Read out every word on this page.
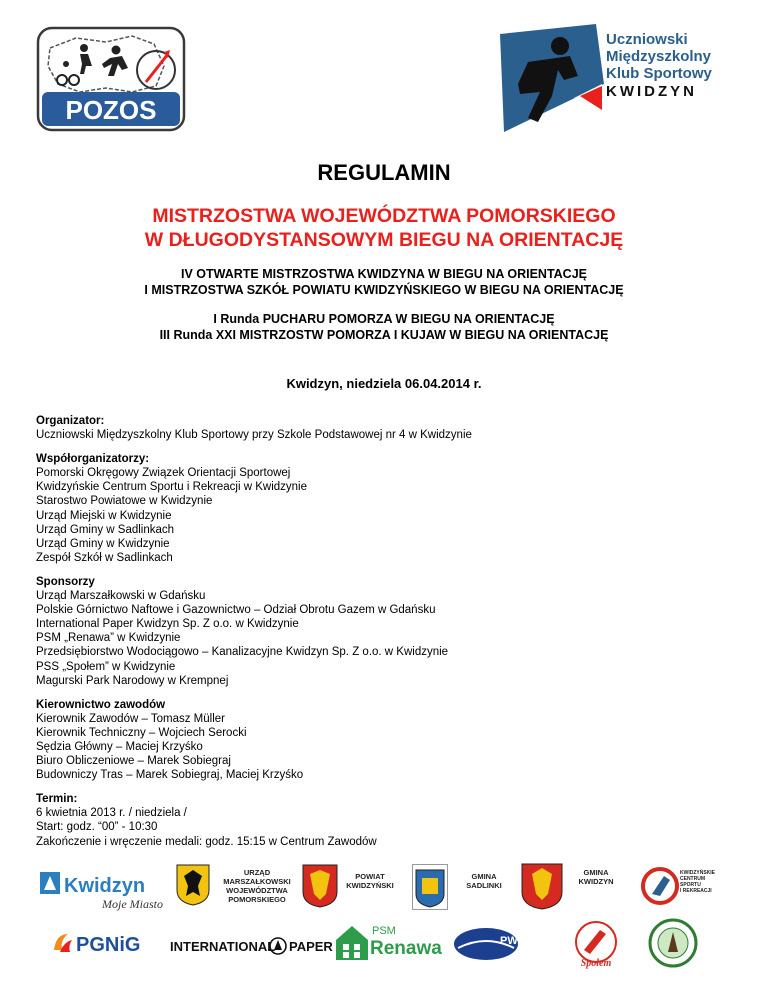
POZOS
Uczniowski
Międzyszkolny
Klub Sportowy
KWIDZYN
REGULAMIN
MISTRZOSTWA WOJEWÓDZTWA POMORSKIEGO
W DŁUGODYSTANSOWYM BIEGU NA ORIENTACJĘ
IV OTWARTE MISTRZOSTWA KWIDZYNA W BIEGU NA ORIENTACJĘ
I MISTRZOSTWA SZKÓŁ POWIATU KWIDZYŃSKIEGO W BIEGU NA ORIENTACJĘ
I Runda PUCHARU POMORZA W BIEGU NA ORIENTACJĘ
III Runda XXI MISTRZOSTW POMORZA I KUJAW W BIEGU NA ORIENTACJĘ
Kwidzyn, niedziela 06.04.2014 r.
Organizator:
Uczniowski Międzyszkolny Klub Sportowy przy Szkole Podstawowej nr 4 w Kwidzynie
Współorganizatorzy:
Pomorski Okręgowy Związek Orientacji Sportowej
Kwidzyńskie Centrum Sportu i Rekreacji w Kwidzynie
Starostwo Powiatowe w Kwidzynie
Urząd Miejski w Kwidzynie
Urząd Gminy w Sadlinkach
Urząd Gminy w Kwidzynie
Zespół Szkół w Sadlinkach
Sponsorzy
Urząd Marszałkowski w Gdańsku
Polskie Górnictwo Naftowe i Gazownictwo – Odział Obrotu Gazem w Gdańsku
International Paper Kwidzyn Sp. Z o.o. w Kwidzynie
PSM „Renawa” w Kwidzynie
Przedsiębiorstwo Wodociągowo – Kanalizacyjne Kwidzyn Sp. Z o.o. w Kwidzynie
PSS „Społem” w Kwidzynie
Magurski Park Narodowy w Krempnej
Kierownictwo zawodów
Kierownik Zawodów – Tomasz Müller
Kierownik Techniczny – Wojciech Serocki
Sędzia Główny – Maciej Krzyśko
Biuro Obliczeniowe – Marek Sobiegraj
Budowniczy Tras – Marek Sobiegraj, Maciej Krzyśko
Termin:
6 kwietnia 2013 r. / niedziela /
Start: godz. “00” - 10:30
Zakończenie i wręczenie medali: godz. 15:15 w Centrum Zawodów
Kwidzyn
Moje Miasto
URZĄD
MARSZAŁKOWSKI
WOJEWÓDZTWA
POMORSKIEGO
POWIAT
KWIDZYŃSKI
GMINA
SADLINKI
GMINA
KWIDZYN
KWIDZYŃSKIE
CENTRUM
SPORTU
I REKREACJI
PGNiG INTERNATIONAL PAPER
PSM
Renawa	PW-K
Społem
